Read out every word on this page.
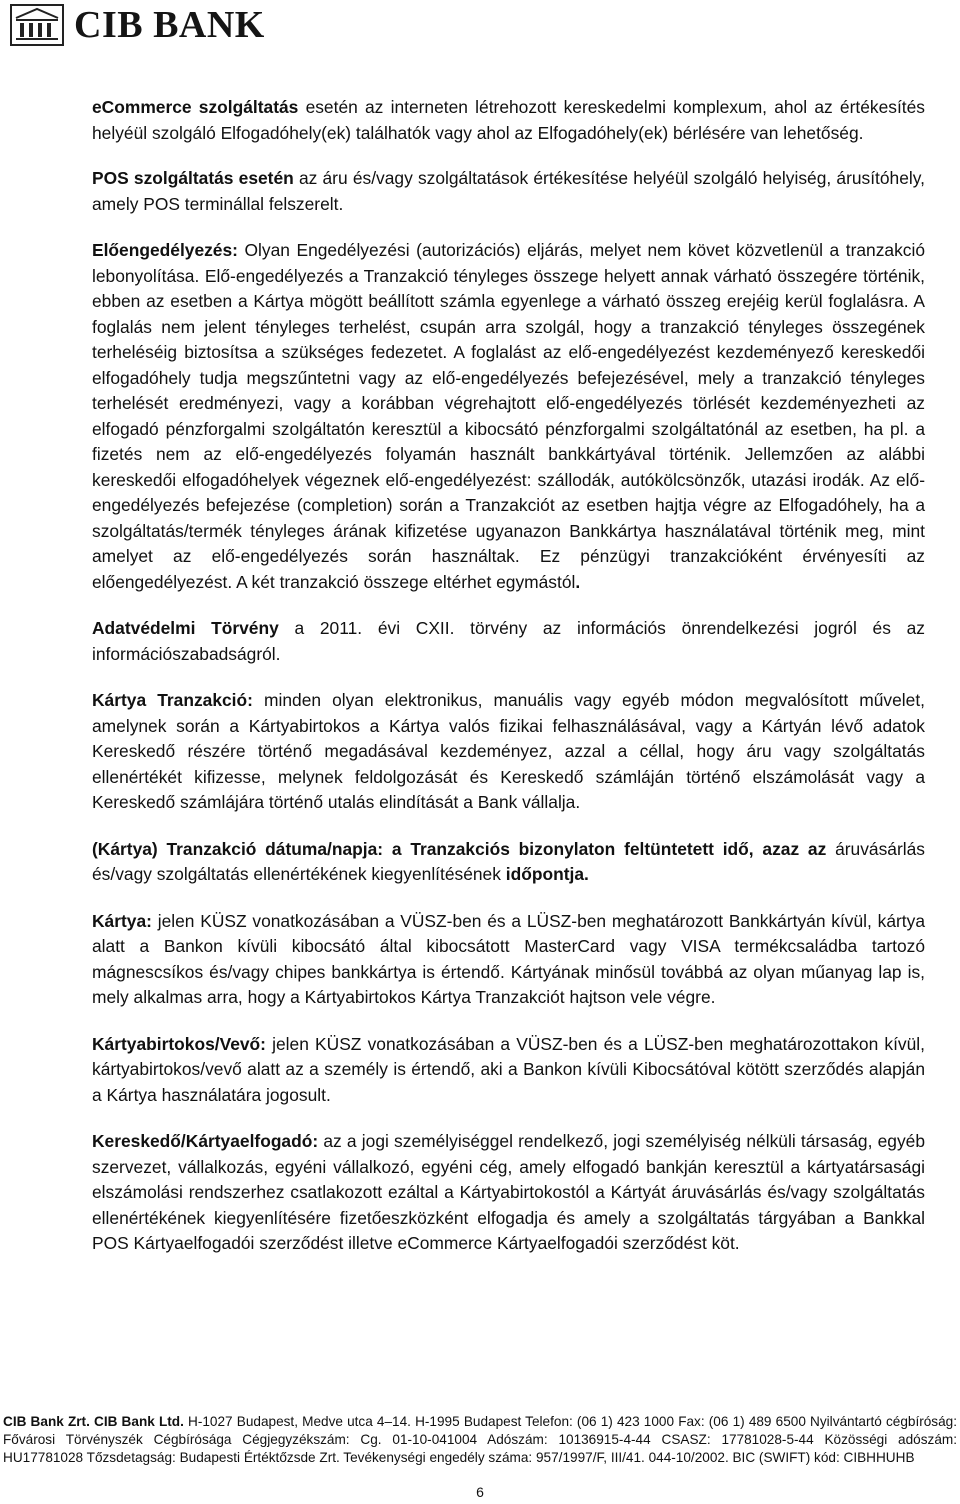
CIB BANK

eCommerce szolgáltatás esetén az interneten létrehozott kereskedelmi komplexum, ahol az értékesítés helyéül szolgáló Elfogadóhely(ek) találhatók vagy ahol az Elfogadóhely(ek) bérlésére van lehetőség.

POS szolgáltatás esetén az áru és/vagy szolgáltatások értékesítése helyéül szolgáló helyiség, árusítóhely, amely POS terminállal felszerelt.

Előengedélyezés: Olyan Engedélyezési (autorizációs) eljárás, melyet nem követ közvetlenül a tranzakció lebonyolítása. Elő-engedélyezés a Tranzakció tényleges összege helyett annak várható összegére történik, ebben az esetben a Kártya mögött beállított számla egyenlege a várható összeg erejéig kerül foglalásra. A foglalás nem jelent tényleges terhelést, csupán arra szolgál, hogy a tranzakció tényleges összegének terheléséig biztosítsa a szükséges fedezetet. A foglalást az elő-engedélyezést kezdeményező kereskedői elfogadóhely tudja megszűntetni vagy az elő-engedélyezés befejezésével, mely a tranzakció tényleges terhelését eredményezi, vagy a korábban végrehajtott elő-engedélyezés törlését kezdeményezheti az elfogadó pénzforgalmi szolgáltatón keresztül a kibocsátó pénzforgalmi szolgáltatónál az esetben, ha pl. a fizetés nem az elő-engedélyezés folyamán használt bankkártyával történik. Jellemzően az alábbi kereskedői elfogadóhelyek végeznek elő-engedélyezést: szállodák, autókölcsönzők, utazási irodák. Az elő-engedélyezés befejezése (completion) során a Tranzakciót az esetben hajtja végre az Elfogadóhely, ha a szolgáltatás/termék tényleges árának kifizetése ugyanazon Bankkártya használatával történik meg, mint amelyet az elő-engedélyezés során használtak. Ez pénzügyi tranzakcióként érvényesíti az előengedélyezést. A két tranzakció összege eltérhet egymástól.

Adatvédelmi Törvény a 2011. évi CXII. törvény az információs önrendelkezési jogról és az információszabadságról.

Kártya Tranzakció: minden olyan elektronikus, manuális vagy egyéb módon megvalósított művelet, amelynek során a Kártyabirtokos a Kártya valós fizikai felhasználásával, vagy a Kártyán lévő adatok Kereskedő részére történő megadásával kezdeményez, azzal a céllal, hogy áru vagy szolgáltatás ellenértékét kifizesse, melynek feldolgozását és Kereskedő számláján történő elszámolását vagy a Kereskedő számlájára történő utalás elindítását a Bank vállalja.

(Kártya) Tranzakció dátuma/napja: a Tranzakciós bizonylaton feltüntetett idő, azaz az áruvásárlás és/vagy szolgáltatás ellenértékének kiegyenlítésének időpontja.

Kártya: jelen KÜSZ vonatkozásában a VÜSZ-ben és a LÜSZ-ben meghatározott Bankkártyán kívül, kártya alatt a Bankon kívüli kibocsátó által kibocsátott MasterCard vagy VISA termékcsaládba tartozó mágnescsíkos és/vagy chipes bankkártya is értendő. Kártyának minősül továbbá az olyan műanyag lap is, mely alkalmas arra, hogy a Kártyabirtokos Kártya Tranzakciót hajtson vele végre.

Kártyabirtokos/Vevő: jelen KÜSZ vonatkozásában a VÜSZ-ben és a LÜSZ-ben meghatározottakon kívül, kártyabirtokos/vevő alatt az a személy is értendő, aki a Bankon kívüli Kibocsátóval kötött szerződés alapján a Kártya használatára jogosult.

Kereskedő/Kártyaelfogadó: az a jogi személyiséggel rendelkező, jogi személyiség nélküli társaság, egyéb szervezet, vállalkozás, egyéni vállalkozó, egyéni cég, amely elfogadó bankján keresztül a kártyatársasági elszámolási rendszerhez csatlakozott ezáltal a Kártyabirtokostól a Kártyát áruvásárlás és/vagy szolgáltatás ellenértékének kiegyenlítésére fizetőeszközként elfogadja és amely a szolgáltatás tárgyában a Bankkal POS Kártyaelfogadói szerződést illetve eCommerce Kártyaelfogadói szerződést köt.

CIB Bank Zrt. CIB Bank Ltd. H-1027 Budapest, Medve utca 4–14. H-1995 Budapest Telefon: (06 1) 423 1000 Fax: (06 1) 489 6500 Nyilvántartó cégbíróság: Fővárosi Törvényszék Cégbírósága Cégjegyzékszám: Cg. 01-10-041004 Adószám: 10136915-4-44 CSASZ: 17781028-5-44 Közösségi adószám: HU17781028 Tőzsdetagság: Budapesti Értéktőzsde Zrt. Tevékenységi engedély száma: 957/1997/F, III/41. 044-10/2002. BIC (SWIFT) kód: CIBHHUHB

6
